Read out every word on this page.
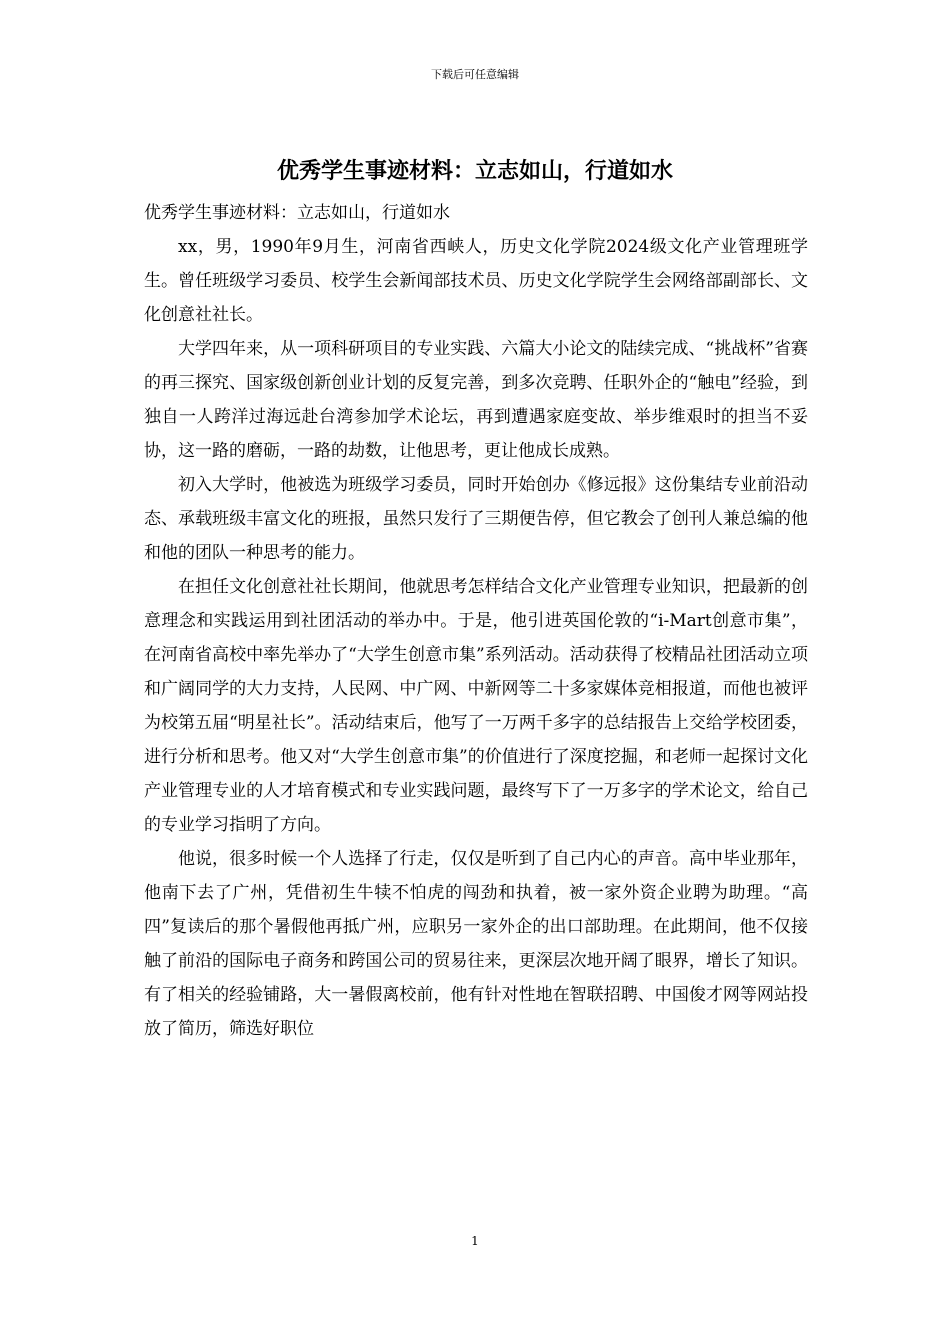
下载后可任意编辑
优秀学生事迹材料：立志如山，行道如水

优秀学生事迹材料：立志如山，行道如水

xx，男，1990年9月生，河南省西峡人，历史文化学院2024级文化产业管理班学生。曾任班级学习委员、校学生会新闻部技术员、历史文化学院学生会网络部副部长、文化创意社社长。

大学四年来，从一项科研项目的专业实践、六篇大小论文的陆续完成、“挑战杯”省赛的再三探究、国家级创新创业计划的反复完善，到多次竞聘、任职外企的“触电”经验，到独自一人跨洋过海远赴台湾参加学术论坛，再到遭遇家庭变故、举步维艰时的担当不妥协，这一路的磨砺，一路的劫数，让他思考，更让他成长成熟。

初入大学时，他被选为班级学习委员，同时开始创办《修远报》这份集结专业前沿动态、承载班级丰富文化的班报，虽然只发行了三期便告停，但它教会了创刊人兼总编的他和他的团队一种思考的能力。

在担任文化创意社社长期间，他就思考怎样结合文化产业管理专业知识，把最新的创意理念和实践运用到社团活动的举办中。于是，他引进英国伦敦的“i-Mart创意市集”，在河南省高校中率先举办了“大学生创意市集”系列活动。活动获得了校精品社团活动立项和广阔同学的大力支持，人民网、中广网、中新网等二十多家媒体竞相报道，而他也被评为校第五届“明星社长”。活动结束后，他写了一万两千多字的总结报告上交给学校团委，进行分析和思考。他又对“大学生创意市集”的价值进行了深度挖掘，和老师一起探讨文化产业管理专业的人才培育模式和专业实践问题，最终写下了一万多字的学术论文，给自己的专业学习指明了方向。

他说，很多时候一个人选择了行走，仅仅是听到了自己内心的声音。高中毕业那年，他南下去了广州，凭借初生牛犊不怕虎的闯劲和执着，被一家外资企业聘为助理。“高四”复读后的那个暑假他再抵广州，应职另一家外企的出口部助理。在此期间，他不仅接触了前沿的国际电子商务和跨国公司的贸易往来，更深层次地开阔了眼界，增长了知识。有了相关的经验铺路，大一暑假离校前，他有针对性地在智联招聘、中国俊才网等网站投放了简历，筛选好职位

1
